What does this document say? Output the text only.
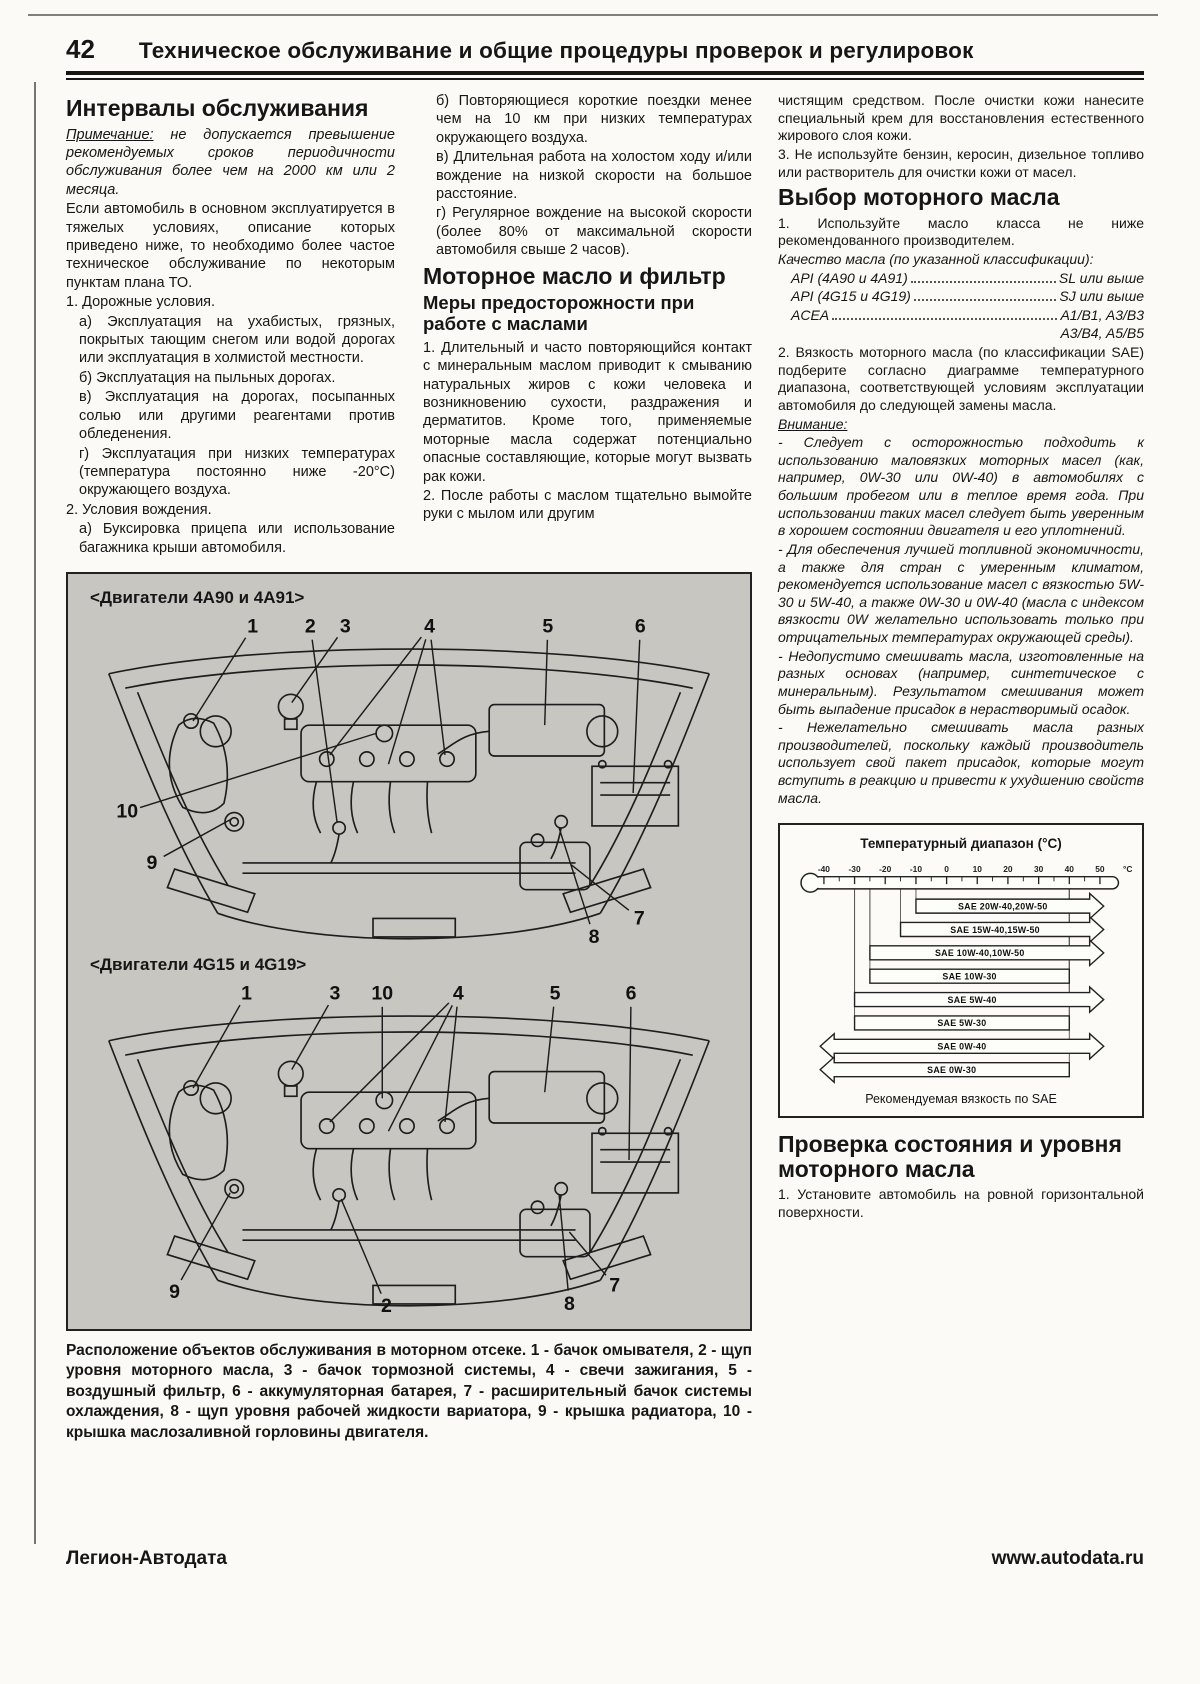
42 Техническое обслуживание и общие процедуры проверок и регулировок
Интервалы обслуживания
Примечание: не допускается превышение рекомендуемых сроков периодичности обслуживания более чем на 2000 км или 2 месяца.
Если автомобиль в основном эксплуатируется в тяжелых условиях, описание которых приведено ниже, то необходимо более частое техническое обслуживание по некоторым пунктам плана ТО.
1. Дорожные условия.
а) Эксплуатация на ухабистых, грязных, покрытых тающим снегом или водой дорогах или эксплуатация в холмистой местности.
б) Эксплуатация на пыльных дорогах.
в) Эксплуатация на дорогах, посыпанных солью или другими реагентами против обледенения.
г) Эксплуатация при низких температурах (температура постоянно ниже -20°C) окружающего воздуха.
2. Условия вождения.
а) Буксировка прицепа или использование багажника крыши автомобиля.
б) Повторяющиеся короткие поездки менее чем на 10 км при низких температурах окружающего воздуха.
в) Длительная работа на холостом ходу и/или вождение на низкой скорости на большое расстояние.
г) Регулярное вождение на высокой скорости (более 80% от максимальной скорости автомобиля свыше 2 часов).
Моторное масло и фильтр
Меры предосторожности при работе с маслами
1. Длительный и часто повторяющийся контакт с минеральным маслом приводит к смыванию натуральных жиров с кожи человека и возникновению сухости, раздражения и дерматитов. Кроме того, применяемые моторные масла содержат потенциально опасные составляющие, которые могут вызвать рак кожи.
2. После работы с маслом тщательно вымойте руки с мылом или другим
<Двигатели 4А90 и 4А91>
1 2 3	4	5	6
10
9
8
7
<Двигатели 4G15 и 4G19>
1	3 10	4	5	6
9
2	8
7
Расположение объектов обслуживания в моторном отсеке. 1 - бачок омывателя, 2 - щуп уровня моторного масла, 3 - бачок тормозной системы, 4 - свечи зажигания, 5 - воздушный фильтр, 6 - аккумуляторная батарея, 7 - расширительный бачок системы охлаждения, 8 - щуп уровня рабочей жидкости вариатора, 9 - крышка радиатора, 10 - крышка маслозаливной горловины двигателя.
чистящим средством. После очистки кожи нанесите специальный крем для восстановления естественного жирового слоя кожи.
3. Не используйте бензин, керосин, дизельное топливо или растворитель для очистки кожи от масел.
Выбор моторного масла
1. Используйте масло класса не ниже рекомендованного производителем.
Качество масла (по указанной классификации):
API (4А90 и 4А91)	SL или выше
API (4G15 и 4G19)	SJ или выше
ACEA	A1/B1, A3/B3
A3/B4, A5/B5
2. Вязкость моторного масла (по классификации SAE) подберите согласно диаграмме температурного диапазона, соответствующей условиям эксплуатации автомобиля до следующей замены масла.
Внимание:
- Следует с осторожностью подходить к использованию маловязких моторных масел (как, например, 0W-30 или 0W-40) в автомобилях с большим пробегом или в теплое время года. При использовании таких масел следует быть уверенным в хорошем состоянии двигателя и его уплотнений.
- Для обеспечения лучшей топливной экономичности, а также для стран с умеренным климатом, рекомендуется использование масел с вязкостью 5W-30 и 5W-40, а также 0W-30 и 0W-40 (масла с индексом вязкости 0W желательно использовать только при отрицательных температурах окружающей среды).
- Недопустимо смешивать масла, изготовленные на разных основах (например, синтетическое с минеральным). Результатом смешивания может быть выпадение присадок в нерастворимый осадок.
- Нежелательно смешивать масла разных производителей, поскольку каждый производитель использует свой пакет присадок, которые могут вступить в реакцию и привести к ухудшению свойств масла.
Температурный диапазон (°C)
-40 -30 -20 -10 0	10 20 30 40 50 °C
SAE 20W-40,20W-50
SAE 15W-40,15W-50
SAE 10W-40,10W-50
SAE 10W-30
SAE 5W-40
SAE 5W-30
SAE 0W-40
SAE 0W-30
Рекомендуемая вязкость по SAE
Проверка состояния и уровня моторного масла
1. Установите автомобиль на ровной горизонтальной поверхности.
Легион-Автодата	www.autodata.ru
